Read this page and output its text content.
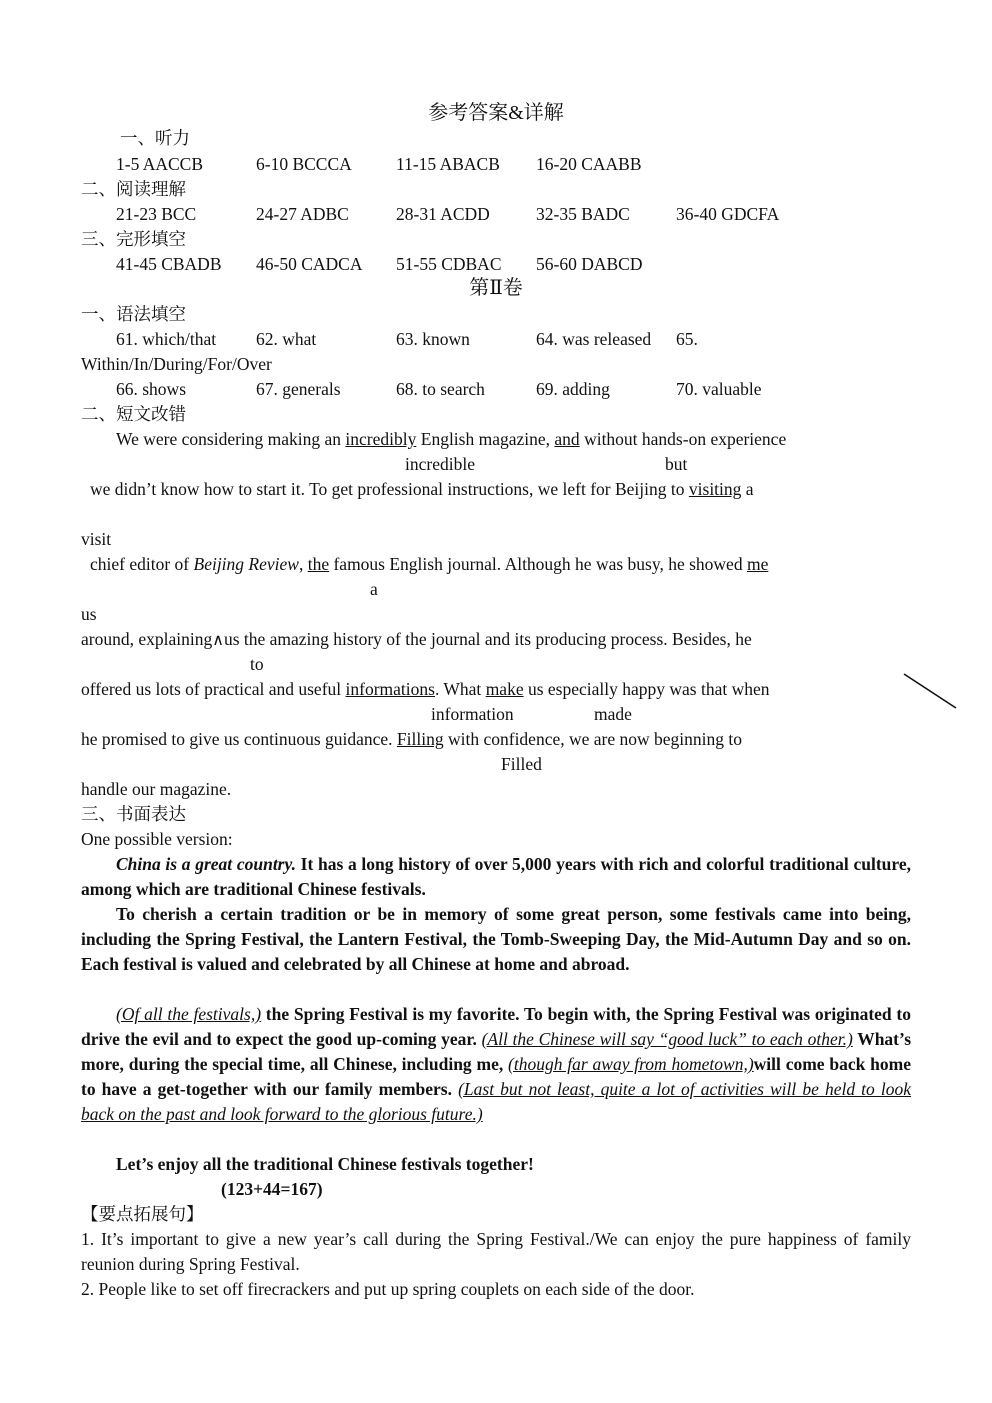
参考答案&详解
一、听力
1-5 AACCB	6-10 BCCCA	11-15 ABACB	16-20 CAABB
二、阅读理解
21-23 BCC	24-27 ADBC	28-31 ACDD	32-35 BADC	36-40 GDCFA
三、完形填空
41-45 CBADB	46-50 CADCA	51-55 CDBAC	56-60 DABCD
第Ⅱ卷
一、语法填空
61. which/that	62. what	63. known	64. was released	65.
Within/In/During/For/Over
66. shows	67. generals	68. to search	69. adding	70. valuable
二、短文改错
We were considering making an incredibly English magazine, and without hands-on experience
incredible	but
we didn’t know how to start it. To get professional instructions, we left for Beijing to visiting a
visit
chief editor of Beijing Review, the famous English journal. Although he was busy, he showed me
a
us
around, explaining∧us the amazing history of the journal and its producing process. Besides, he
to
offered us lots of practical and useful informations. What make us especially happy was that when
information	made
he promised to give us continuous guidance. Filling with confidence, we are now beginning to
Filled
handle our magazine.
三、书面表达
One possible version:
China is a great country. It has a long history of over 5,000 years with rich and colorful traditional culture, among which are traditional Chinese festivals.
To cherish a certain tradition or be in memory of some great person, some festivals came into being, including the Spring Festival, the Lantern Festival, the Tomb-Sweeping Day, the Mid-Autumn Day and so on. Each festival is valued and celebrated by all Chinese at home and abroad.
(Of all the festivals,) the Spring Festival is my favorite. To begin with, the Spring Festival was originated to drive the evil and to expect the good up-coming year. (All the Chinese will say “good luck” to each other.) What’s more, during the special time, all Chinese, including me, (though far away from hometown,)will come back home to have a get-together with our family members. (Last but not least, quite a lot of activities will be held to look back on the past and look forward to the glorious future.)
Let’s enjoy all the traditional Chinese festivals together!
(123+44=167)
【要点拓展句】
1. It’s important to give a new year’s call during the Spring Festival./We can enjoy the pure happiness of family reunion during Spring Festival.
2. People like to set off firecrackers and put up spring couplets on each side of the door.
